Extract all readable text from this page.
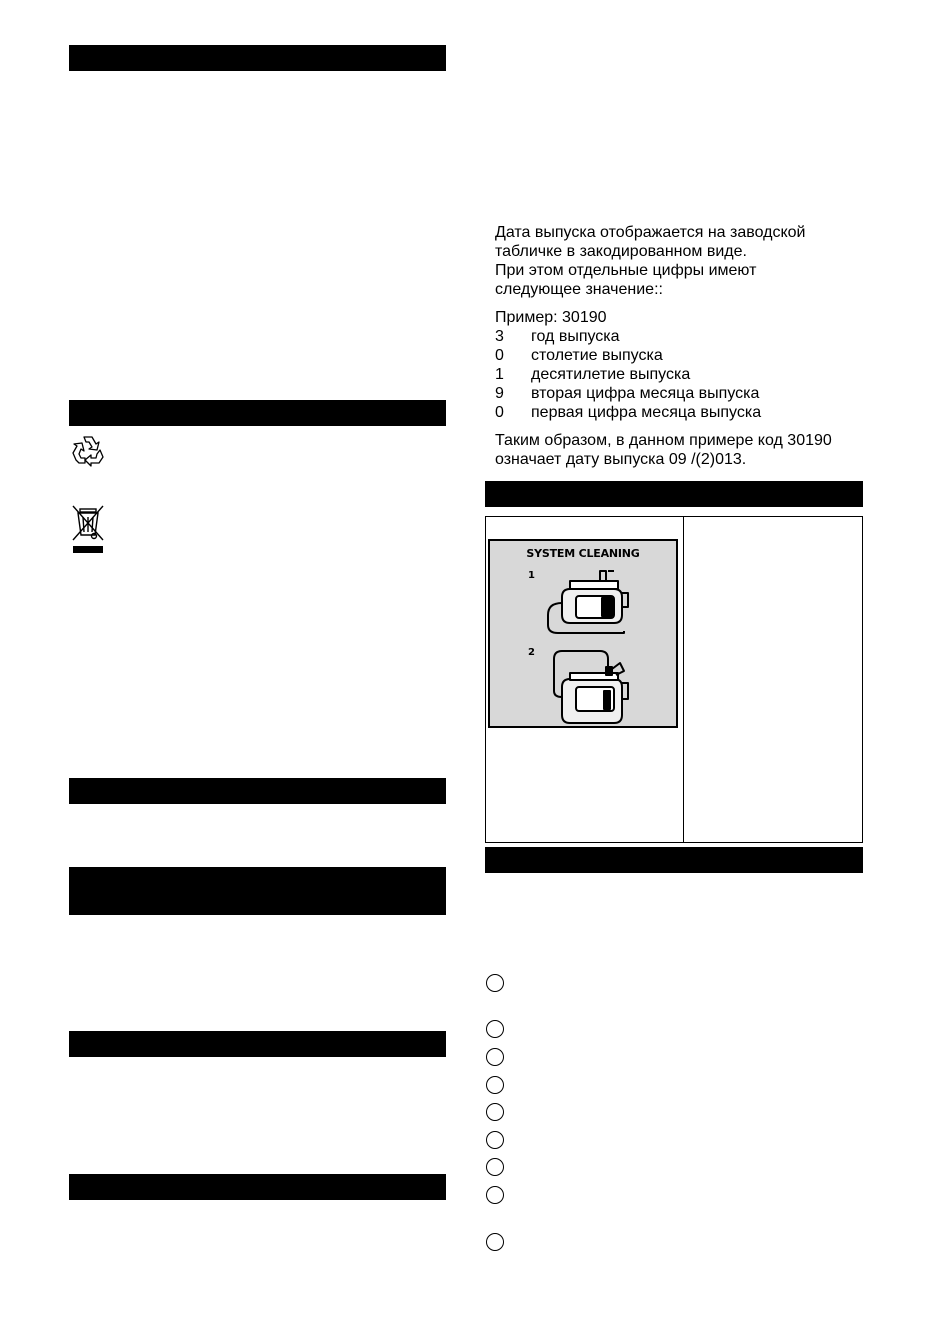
Дата выпуска отображается на заводской
табличке в закодированном виде.
При этом отдельные цифры имеют
следующее значение::
Пример: 30190
3 год выпуска
0 столетие выпуска
1 десятилетие выпуска
9 вторая цифра месяца выпуска
0 первая цифра месяца выпуска
Таким образом, в данном примере код 30190
означает дату выпуска 09 /(2)013.
SYSTEM CLEANING
1
2
